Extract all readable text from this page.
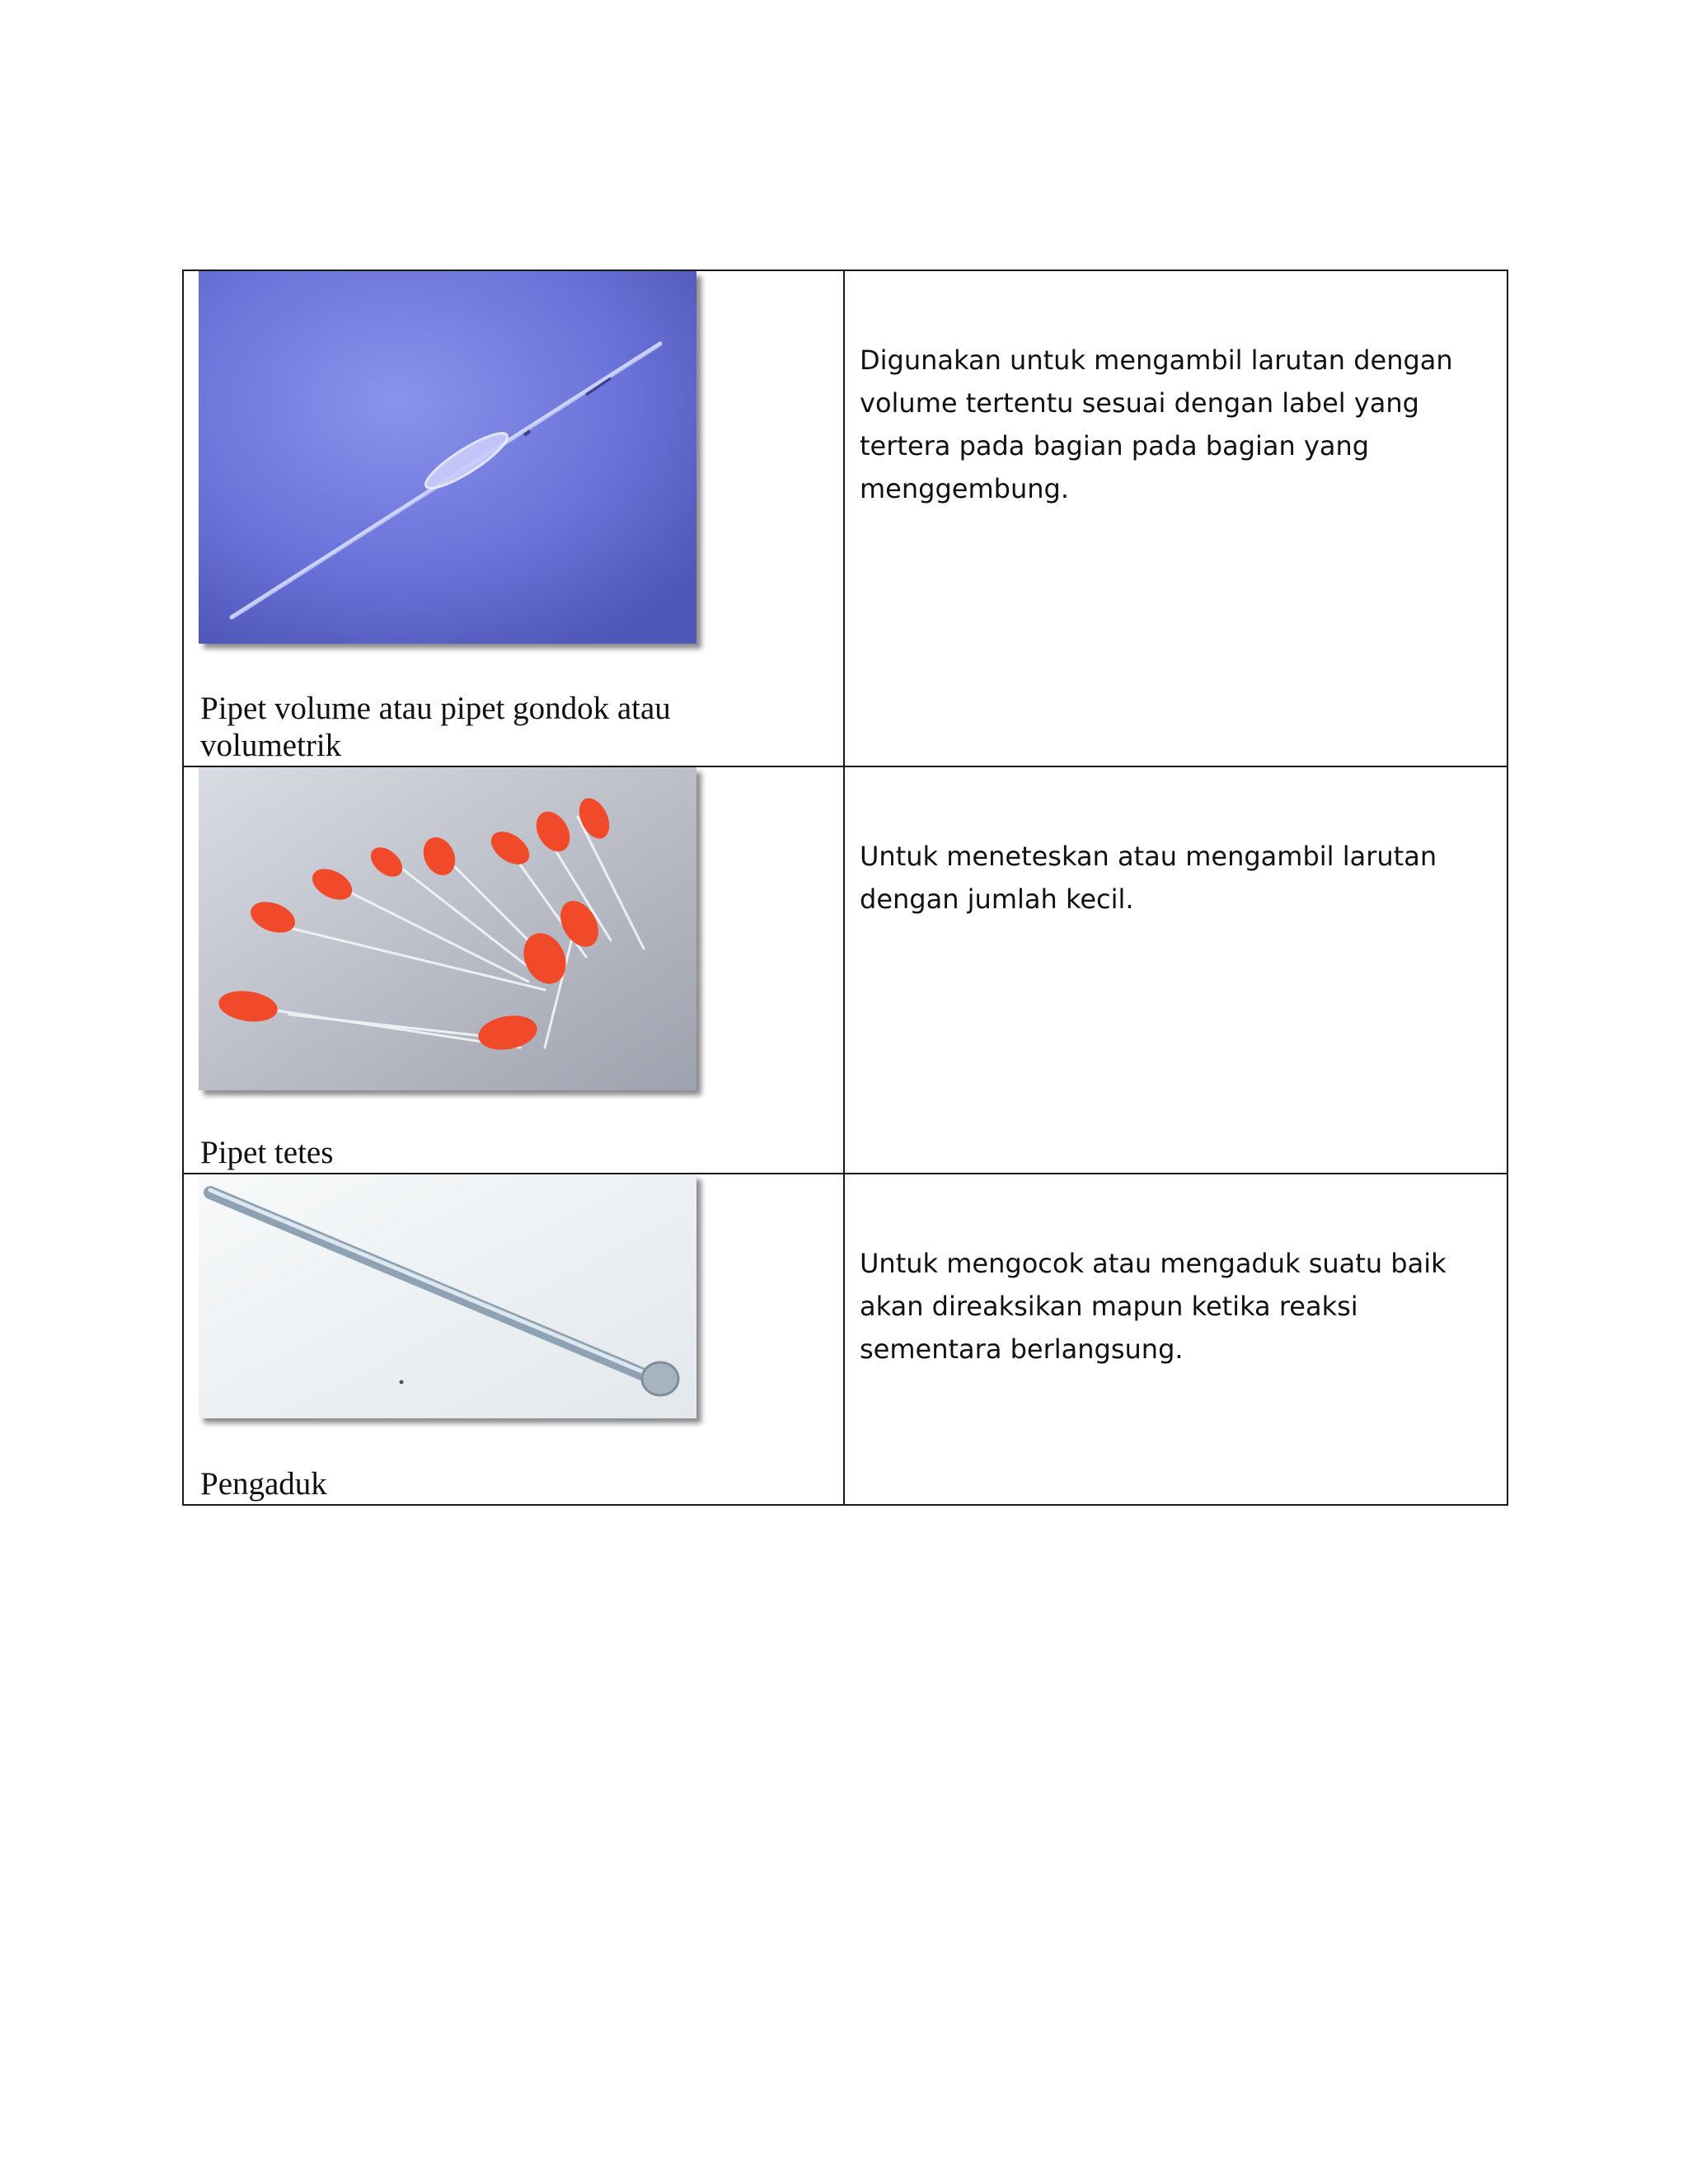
Pipet volume atau pipet gondok atau volumetrik	Digunakan untuk mengambil larutan dengan volume tertentu sesuai dengan label yang tertera pada bagian pada bagian yang menggembung.

Pipet tetes	Untuk meneteskan atau mengambil larutan dengan jumlah kecil.

Pengaduk	Untuk mengocok atau mengaduk suatu baik akan direaksikan mapun ketika reaksi sementara berlangsung.
